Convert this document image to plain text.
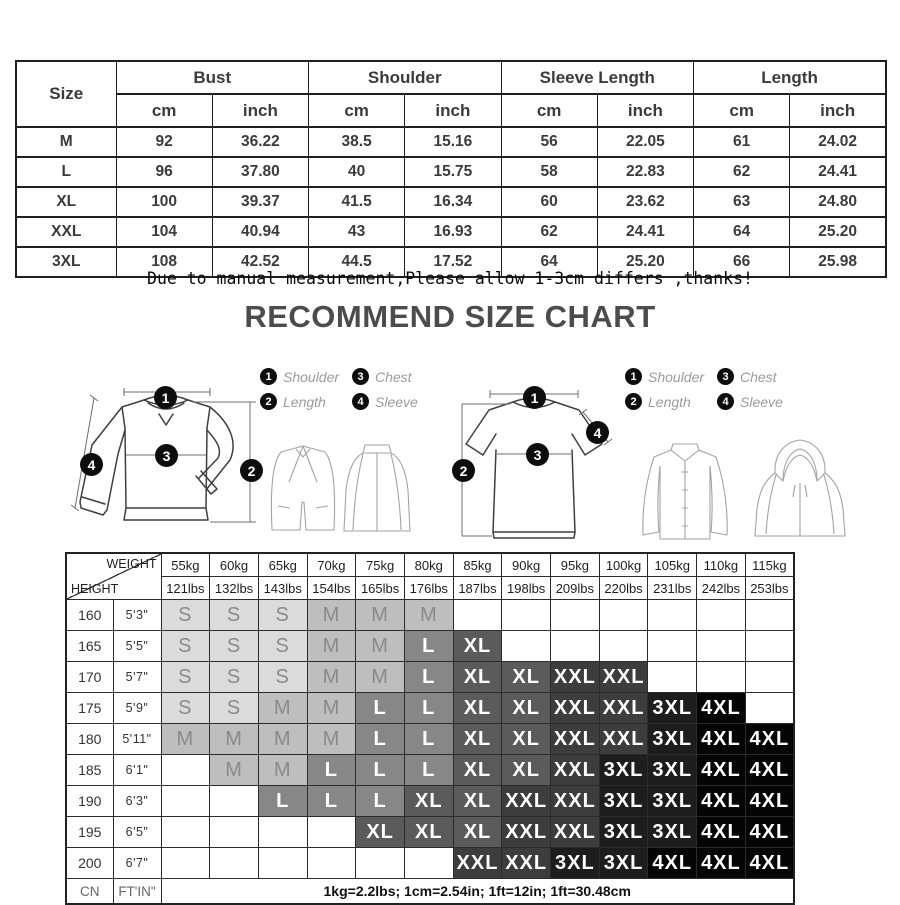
Size	Bust		Shoulder		Sleeve Length		Length	
	cm	inch	cm	inch	cm	inch	cm	inch
M	92	36.22	38.5	15.16	56	22.05	61	24.02
L	96	37.80	40	15.75	58	22.83	62	24.41
XL	100	39.37	41.5	16.34	60	23.62	63	24.80
XXL	104	40.94	43	16.93	62	24.41	64	25.20
3XL	108	42.52	44.5	17.52	64	25.20	66	25.98
Due to manual measurement,Please allow 1-3cm differs ,thanks!
RECOMMEND SIZE CHART
1
3
2
4
1
4
3
2
1 Shoulder	3 Chest
2 Length	4 Sleeve
1 Shoulder	3 Chest
2 Length	4 Sleeve
WEIGHT
HEIGHT		55kg	60kg	65kg	70kg	75kg	80kg	85kg	90kg	95kg	100kg	105kg	110kg	115kg
		121lbs	132lbs	143lbs	154lbs	165lbs	176lbs	187lbs	198lbs	209lbs	220lbs	231lbs	242lbs	253lbs
160	5'3"	S	S	S	M	M	M							
165	5'5"	S	S	S	M	M	L	XL						
170	5'7"	S	S	S	M	M	L	XL	XL	XXL	XXL			
175	5'9"	S	S	M	M	L	L	XL	XL	XXL	XXL	3XL	4XL	
180	5'11"	M	M	M	M	L	L	XL	XL	XXL	XXL	3XL	4XL	4XL
185	6'1"		M	M	L	L	L	XL	XL	XXL	3XL	3XL	4XL	4XL
190	6'3"			L	L	L	XL	XL	XXL	XXL	3XL	3XL	4XL	4XL
195	6'5"					XL	XL	XL	XXL	XXL	3XL	3XL	4XL	4XL
200	6'7"							XXL	XXL	3XL	3XL	4XL	4XL	4XL
CN	FT'IN"	1kg=2.2lbs; 1cm=2.54in; 1ft=12in; 1ft=30.48cm												
